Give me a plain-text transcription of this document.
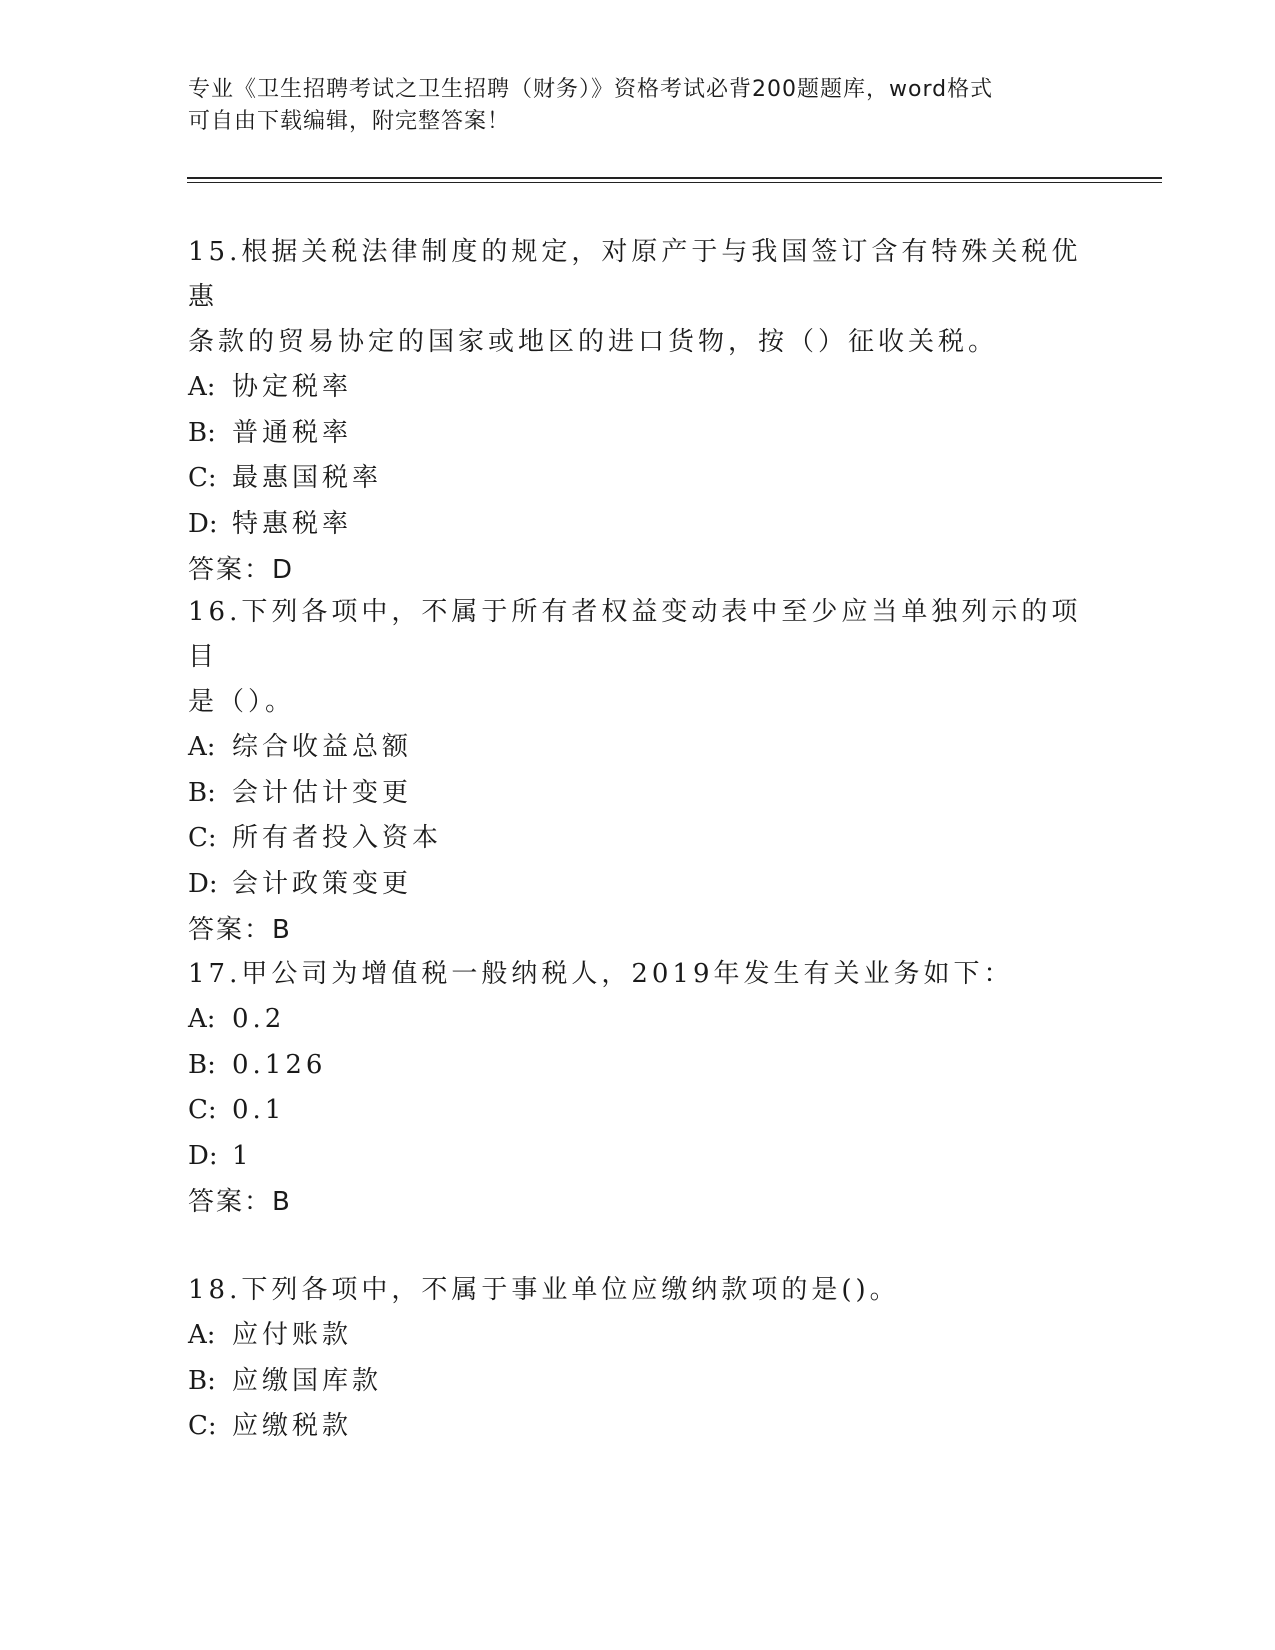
专业《卫生招聘考试之卫生招聘（财务）》资格考试必背200题题库，word格式
可自由下载编辑，附完整答案！

15.根据关税法律制度的规定，对原产于与我国签订含有特殊关税优惠

条款的贸易协定的国家或地区的进口货物，按（）征收关税。

A: 协定税率

B: 普通税率

C: 最惠国税率

D: 特惠税率

答案：D

16.下列各项中，不属于所有者权益变动表中至少应当单独列示的项目

是（）。

A: 综合收益总额

B: 会计估计变更

C: 所有者投入资本

D: 会计政策变更

答案：B

17.甲公司为增值税一般纳税人，2019年发生有关业务如下：

A: 0.2

B: 0.126

C: 0.1

D: 1

答案：B

18.下列各项中，不属于事业单位应缴纳款项的是()。

A: 应付账款

B: 应缴国库款

C: 应缴税款
